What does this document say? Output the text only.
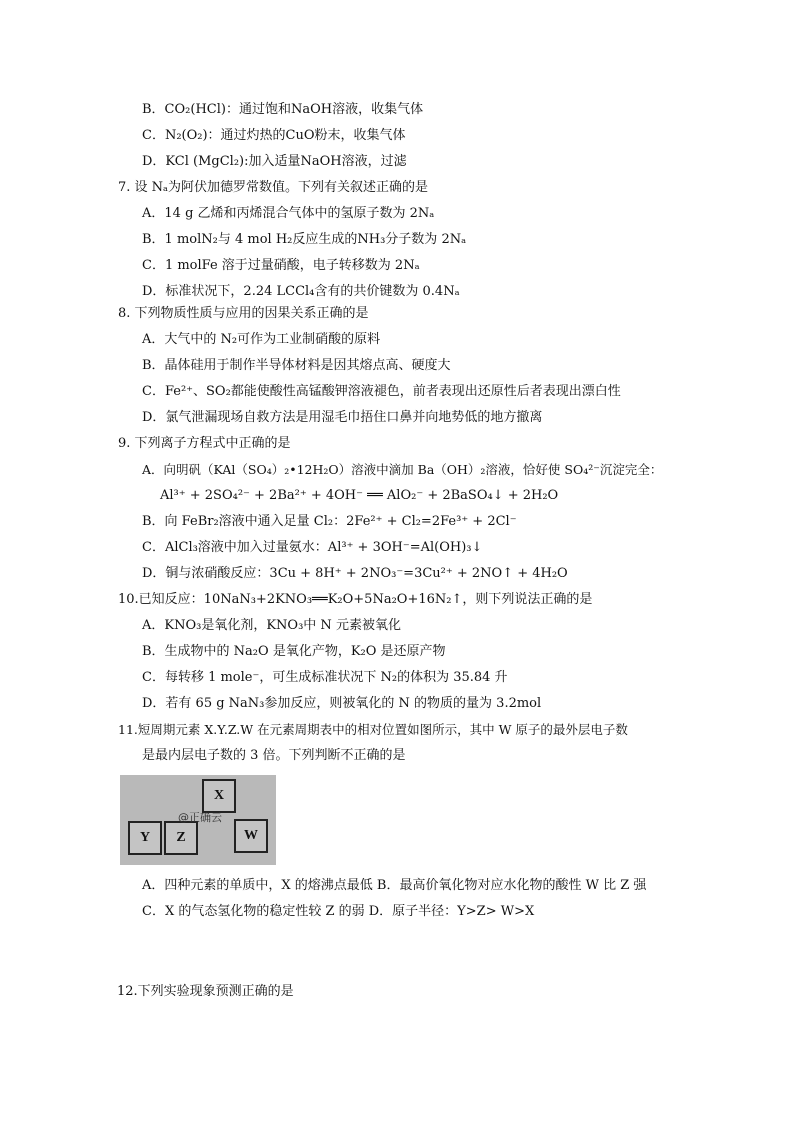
B．CO₂(HCl)：通过饱和NaOH溶液，收集气体
C．N₂(O₂)：通过灼热的CuO粉末，收集气体
D．KCl (MgCl₂):加入适量NaOH溶液，过滤
7. 设 Nₐ为阿伏加德罗常数值。下列有关叙述正确的是
A．14 g 乙烯和丙烯混合气体中的氢原子数为 2Nₐ
B．1 molN₂与 4 mol H₂反应生成的NH₃分子数为 2Nₐ
C．1 molFe 溶于过量硝酸，电子转移数为 2Nₐ
D．标准状况下，2.24 LCCl₄含有的共价键数为 0.4Nₐ
8. 下列物质性质与应用的因果关系正确的是
A．大气中的 N₂可作为工业制硝酸的原料
B．晶体硅用于制作半导体材料是因其熔点高、硬度大
C．Fe²⁺、SO₂都能使酸性高锰酸钾溶液褪色，前者表现出还原性后者表现出漂白性
D．氯气泄漏现场自救方法是用湿毛巾捂住口鼻并向地势低的地方撤离
9. 下列离子方程式中正确的是
A．向明矾（KAl（SO₄）₂•12H₂O）溶液中滴加 Ba（OH）₂溶液，恰好使 SO₄²⁻沉淀完全：
Al³⁺ + 2SO₄²⁻ + 2Ba²⁺ + 4OH⁻ ══ AlO₂⁻ + 2BaSO₄↓ + 2H₂O
B．向 FeBr₂溶液中通入足量 Cl₂：2Fe²⁺ + Cl₂=2Fe³⁺ + 2Cl⁻
C．AlCl₃溶液中加入过量氨水：Al³⁺ + 3OH⁻=Al(OH)₃↓
D．铜与浓硝酸反应：3Cu + 8H⁺ + 2NO₃⁻=3Cu²⁺ + 2NO↑ + 4H₂O
10.已知反应：10NaN₃+2KNO₃══K₂O+5Na₂O+16N₂↑，则下列说法正确的是
A．KNO₃是氧化剂，KNO₃中 N 元素被氧化
B．生成物中的 Na₂O 是氧化产物，K₂O 是还原产物
C．每转移 1 mole⁻，可生成标准状况下 N₂的体积为 35.84 升
D．若有 65 g NaN₃参加反应，则被氧化的 N 的物质的量为 3.2mol
11.短周期元素 X.Y.Z.W 在元素周期表中的相对位置如图所示，其中 W 原子的最外层电子数
是最内层电子数的 3 倍。下列判断不正确的是
X
Y	Z	W
@正确云
A．四种元素的单质中，X 的熔沸点最低 B．最高价氧化物对应水化物的酸性 W 比 Z 强
C．X 的气态氢化物的稳定性较 Z 的弱 D．原子半径：Y>Z> W>X
12.下列实验现象预测正确的是
